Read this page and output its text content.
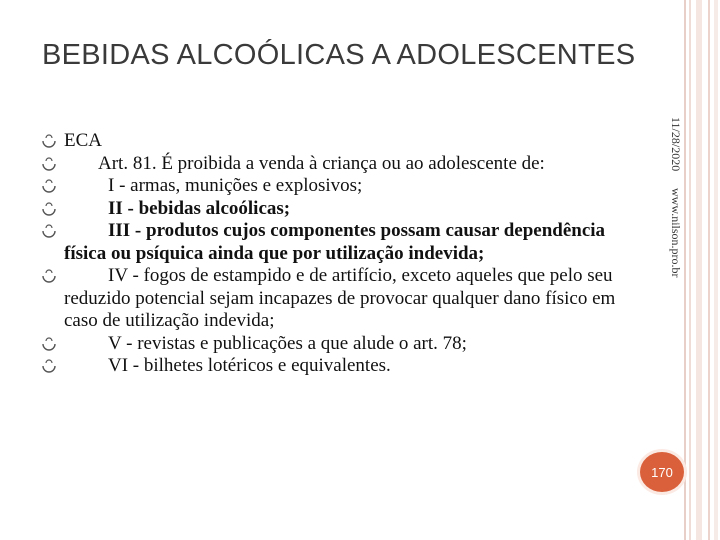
BEBIDAS ALCOÓLICAS A ADOLESCENTES
11/28/2020
www.nilson.pro.br
ECA
Art. 81. É proibida a venda à criança ou ao adolescente de:
I - armas, munições e explosivos;
II - bebidas alcoólicas;
III - produtos cujos componentes possam causar dependência física ou psíquica ainda que por utilização indevida;
IV - fogos de estampido e de artifício, exceto aqueles que pelo seu reduzido potencial sejam incapazes de provocar qualquer dano físico em caso de utilização indevida;
V - revistas e publicações a que alude o art. 78;
VI - bilhetes lotéricos e equivalentes.
170
